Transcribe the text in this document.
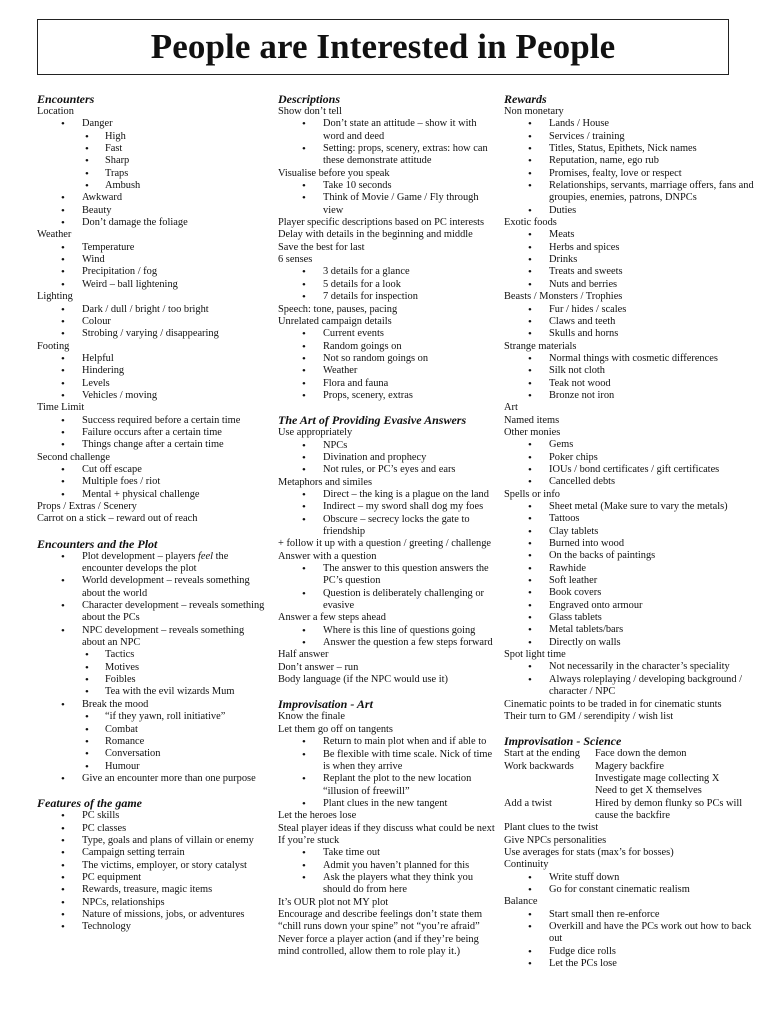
People are Interested in People

Encounters

Location
• Danger
• High
• Fast
• Sharp
• Traps
• Ambush
• Awkward
• Beauty
• Don’t damage the foliage
Weather
• Temperature
• Wind
• Precipitation / fog
• Weird – ball lightening
Lighting
• Dark / dull / bright / too bright
• Colour
• Strobing / varying / disappearing
Footing
• Helpful
• Hindering
• Levels
• Vehicles / moving
Time Limit
• Success required before a certain time
• Failure occurs after a certain time
• Things change after a certain time
Second challenge
• Cut off escape
• Multiple foes / riot
• Mental + physical challenge
Props / Extras / Scenery
Carrot on a stick – reward out of reach

Encounters and the Plot

• Plot development – players feel the encounter develops the plot
• World development – reveals something about the world
• Character development – reveals something about the PCs
• NPC development – reveals something about an NPC
• Tactics
• Motives
• Foibles
• Tea with the evil wizards Mum
• Break the mood
• “if they yawn, roll initiative”
• Combat
• Romance
• Conversation
• Humour
• Give an encounter more than one purpose

Features of the game

• PC skills
• PC classes
• Type, goals and plans of villain or enemy
• Campaign setting terrain
• The victims, employer, or story catalyst
• PC equipment
• Rewards, treasure, magic items
• NPCs, relationships
• Nature of missions, jobs, or adventures
• Technology

Descriptions

Show don’t tell
• Don’t state an attitude – show it with word and deed
• Setting: props, scenery, extras: how can these demonstrate attitude
Visualise before you speak
• Take 10 seconds
• Think of Movie / Game / Fly through view
Player specific descriptions based on PC interests
Delay with details in the beginning and middle
Save the best for last
6 senses
• 3 details for a glance
• 5 details for a look
• 7 details for inspection
Speech: tone, pauses, pacing
Unrelated campaign details
• Current events
• Random goings on
• Not so random goings on
• Weather
• Flora and fauna
• Props, scenery, extras

The Art of Providing Evasive Answers

Use appropriately
• NPCs
• Divination and prophecy
• Not rules, or PC’s eyes and ears
Metaphors and similes
• Direct – the king is a plague on the land
• Indirect – my sword shall dog my foes
• Obscure – secrecy locks the gate to friendship
+ follow it up with a question / greeting / challenge
Answer with a question
• The answer to this question answers the PC’s question
• Question is deliberately challenging or evasive
Answer a few steps ahead
• Where is this line of questions going
• Answer the question a few steps forward
Half answer
Don’t answer – run
Body language (if the NPC would use it)

Improvisation - Art

Know the finale
Let them go off on tangents
• Return to main plot when and if able to
• Be flexible with time scale. Nick of time is when they arrive
• Replant the plot to the new location “illusion of freewill”
• Plant clues in the new tangent
Let the heroes lose
Steal player ideas if they discuss what could be next
If you’re stuck
• Take time out
• Admit you haven’t planned for this
• Ask the players what they think you should do from here
It’s OUR plot not MY plot
Encourage and describe feelings don’t state them “chill runs down your spine” not “you’re afraid”
Never force a player action (and if they’re being mind controlled, allow them to role play it.)

Rewards

Non monetary
• Lands / House
• Services / training
• Titles, Status, Epithets, Nick names
• Reputation, name, ego rub
• Promises, fealty, love or respect
• Relationships, servants, marriage offers, fans and groupies, enemies, patrons, DNPCs
• Duties
Exotic foods
• Meats
• Herbs and spices
• Drinks
• Treats and sweets
• Nuts and berries
Beasts / Monsters / Trophies
• Fur / hides / scales
• Claws and teeth
• Skulls and horns
Strange materials
• Normal things with cosmetic differences
• Silk not cloth
• Teak not wood
• Bronze not iron
Art
Named items
Other monies
• Gems
• Poker chips
• IOUs / bond certificates / gift certificates
• Cancelled debts
Spells or info
• Sheet metal (Make sure to vary the metals)
• Tattoos
• Clay tablets
• Burned into wood
• On the backs of paintings
• Rawhide
• Soft leather
• Book covers
• Engraved onto armour
• Glass tablets
• Metal tablets/bars
• Directly on walls
Spot light time
• Not necessarily in the character’s speciality
• Always roleplaying / developing background / character / NPC
Cinematic points to be traded in for cinematic stunts
Their turn to GM / serendipity / wish list

Improvisation - Science

Start at the ending	Face down the demon
Work backwards	Magery backfire
Investigate mage collecting X
Need to get X themselves
Add a twist	Hired by demon flunky so PCs will cause the backfire
Plant clues to the twist
Give NPCs personalities
Use averages for stats (max’s for bosses)
Continuity
• Write stuff down
• Go for constant cinematic realism
Balance
• Start small then re-enforce
• Overkill and have the PCs work out how to back out
• Fudge dice rolls
• Let the PCs lose
